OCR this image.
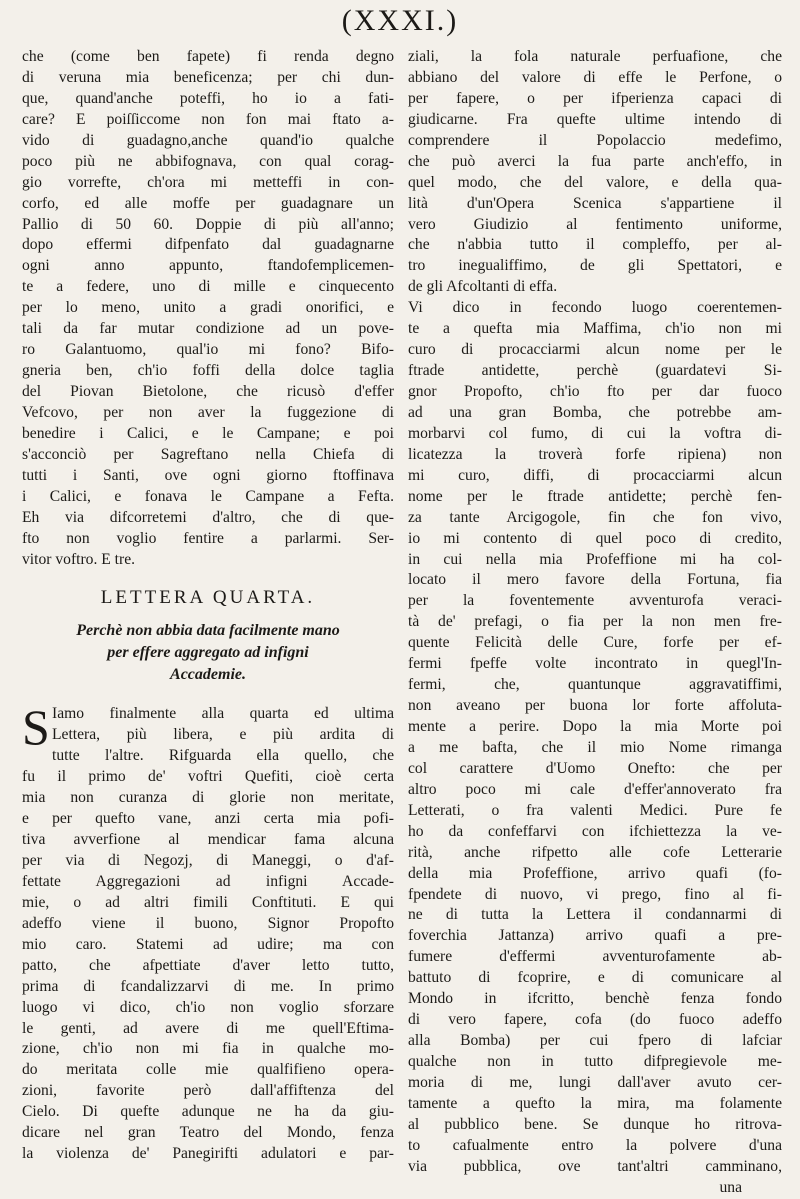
(XXXI.)
che (come ben fapete) fi renda degno
di veruna mia beneficenza; per chi dun-
que, quand'anche poteffi, ho io a fati-
care? E poiſſiccome non fon mai ftato a-
vido di guadagno,anche quand'io qualche
poco più ne abbifognava, con qual corag-
gio vorrefte, ch'ora mi metteffi in con-
corfo, ed alle moffe per guadagnare un
Pallio di 50 60. Doppie di più all'anno;
dopo effermi difpenfato dal guadagnarne
ogni anno appunto, ftandofemplicemen-
te a federe, uno di mille e cinquecento
per lo meno, unito a gradi onorifici, e
tali da far mutar condizione ad un pove-
ro Galantuomo, qual'io mi fono? Bifo-
gneria ben, ch'io foffi della dolce taglia
del Piovan Bietolone, che ricusò d'effer
Vefcovo, per non aver la fuggezione di
benedire i Calici, e le Campane; e poi
s'acconciò per Sagreftano nella Chiefa di
tutti i Santi, ove ogni giorno ftoffinava
i Calici, e fonava le Campane a Fefta.
Eh via difcorretemi d'altro, che di que-
fto non voglio fentire a parlarmi. Ser-
vitor voftro. E tre.
LETTERA QUARTA.
Perchè non abbia data facilmente mano
per effere aggregato ad infigni
Accademie.
S Iamo finalmente alla quarta ed ultima
Lettera, più libera, e più ardita di
tutte l'altre. Rifguarda ella quello, che
fu il primo de' voftri Quefiti, cioè certa
mia non curanza di glorie non meritate,
e per quefto vane, anzi certa mia pofi-
tiva avverfione al mendicar fama alcuna
per via di Negozj, di Maneggi, o d'af-
fettate Aggregazioni ad infigni Accade-
mie, o ad altri fimili Conftituti. E qui
adeffo viene il buono, Signor Propofto
mio caro. Statemi ad udire; ma con
patto, che afpettiate d'aver letto tutto,
prima di fcandalizzarvi di me. In primo
luogo vi dico, ch'io non voglio sforzare
le genti, ad avere di me quell'Eftima-
zione, ch'io non mi fia in qualche mo-
do meritata colle mie qualfifieno opera-
zioni, favorite però dall'affiftenza del
Cielo. Di quefte adunque ne ha da giu-
dicare nel gran Teatro del Mondo, fenza
la violenza de' Panegirifti adulatori e par-
ziali, la fola naturale perfuafione, che
abbiano del valore di effe le Perfone, o
per fapere, o per ifperienza capaci di
giudicarne. Fra quefte ultime intendo di
comprendere il Popolaccio medefimo,
che può averci la fua parte anch'effo, in
quel modo, che del valore, e della qua-
lità d'un'Opera Scenica s'appartiene il
vero Giudizio al fentimento uniforme,
che n'abbia tutto il compleffo, per al-
tro inegualiffimo, de gli Spettatori, e
de gli Afcoltanti di effa.
Vi dico in fecondo luogo coerentemen-
te a quefta mia Maffima, ch'io non mi
curo di procacciarmi alcun nome per le
ftrade antidette, perchè (guardatevi Si-
gnor Propofto, ch'io fto per dar fuoco
ad una gran Bomba, che potrebbe am-
morbarvi col fumo, di cui la voftra di-
licatezza la troverà forfe ripiena) non
mi curo, diffi, di procacciarmi alcun
nome per le ftrade antidette; perchè fen-
za tante Arcigogole, fin che fon vivo,
io mi contento di quel poco di credito,
in cui nella mia Profeffione mi ha col-
locato il mero favore della Fortuna, fia
per la foventemente avventurofa veraci-
tà de' prefagi, o fia per la non men fre-
quente Felicità delle Cure, forfe per ef-
fermi fpeffe volte incontrato in quegl'In-
fermi, che, quantunque aggravatiffimi,
non aveano per buona lor forte affoluta-
mente a perire. Dopo la mia Morte poi
a me bafta, che il mio Nome rimanga
col carattere d'Uomo Onefto: che per
altro poco mi cale d'effer'annoverato fra
Letterati, o fra valenti Medici. Pure fe
ho da confeffarvi con ifchiettezza la ve-
rità, anche rifpetto alle cofe Letterarie
della mia Profeffione, arrivo quafi (fo-
fpendete di nuovo, vi prego, fino al fi-
ne di tutta la Lettera il condannarmi di
foverchia Jattanza) arrivo quafi a pre-
fumere d'effermi avventurofamente ab-
battuto di fcoprire, e di comunicare al
Mondo in ifcritto, benchè fenza fondo
di vero fapere, cofa (do fuoco adeffo
alla Bomba) per cui fpero di lafciar
qualche non in tutto difpregievole me-
moria di me, lungi dall'aver avuto cer-
tamente a quefto la mira, ma folamente
al pubblico bene. Se dunque ho ritrova-
to cafualmente entro la polvere d'una
via pubblica, ove tant'altri camminano,
una
